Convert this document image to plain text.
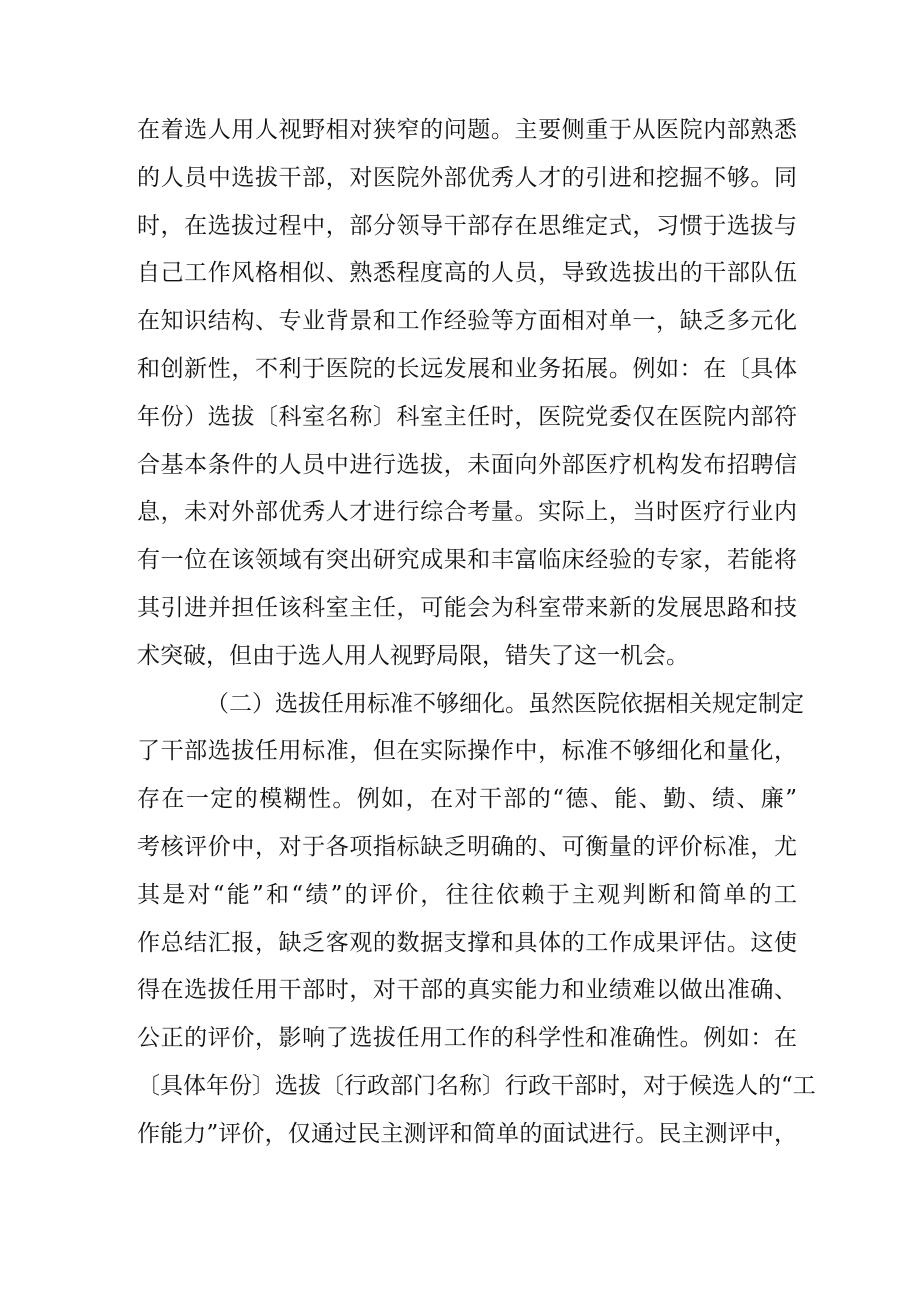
在着选人用人视野相对狭窄的问题。主要侧重于从医院内部熟悉
的人员中选拔干部，对医院外部优秀人才的引进和挖掘不够。同
时，在选拔过程中，部分领导干部存在思维定式，习惯于选拔与
自己工作风格相似、熟悉程度高的人员，导致选拔出的干部队伍
在知识结构、专业背景和工作经验等方面相对单一，缺乏多元化
和创新性，不利于医院的长远发展和业务拓展。例如：在〔具体
年份）选拔〔科室名称〕科室主任时，医院党委仅在医院内部符
合基本条件的人员中进行选拔，未面向外部医疗机构发布招聘信
息，未对外部优秀人才进行综合考量。实际上，当时医疗行业内
有一位在该领域有突出研究成果和丰富临床经验的专家，若能将
其引进并担任该科室主任，可能会为科室带来新的发展思路和技
术突破，但由于选人用人视野局限，错失了这一机会。
（二）选拔任用标准不够细化。虽然医院依据相关规定制定
了干部选拔任用标准，但在实际操作中，标准不够细化和量化，
存在一定的模糊性。例如，在对干部的“德、能、勤、绩、廉”
考核评价中，对于各项指标缺乏明确的、可衡量的评价标准，尤
其是对“能”和“绩”的评价，往往依赖于主观判断和简单的工
作总结汇报，缺乏客观的数据支撑和具体的工作成果评估。这使
得在选拔任用干部时，对干部的真实能力和业绩难以做出准确、
公正的评价，影响了选拔任用工作的科学性和准确性。例如：在
〔具体年份〕选拔〔行政部门名称〕行政干部时，对于候选人的“工
作能力”评价，仅通过民主测评和简单的面试进行。民主测评中，
